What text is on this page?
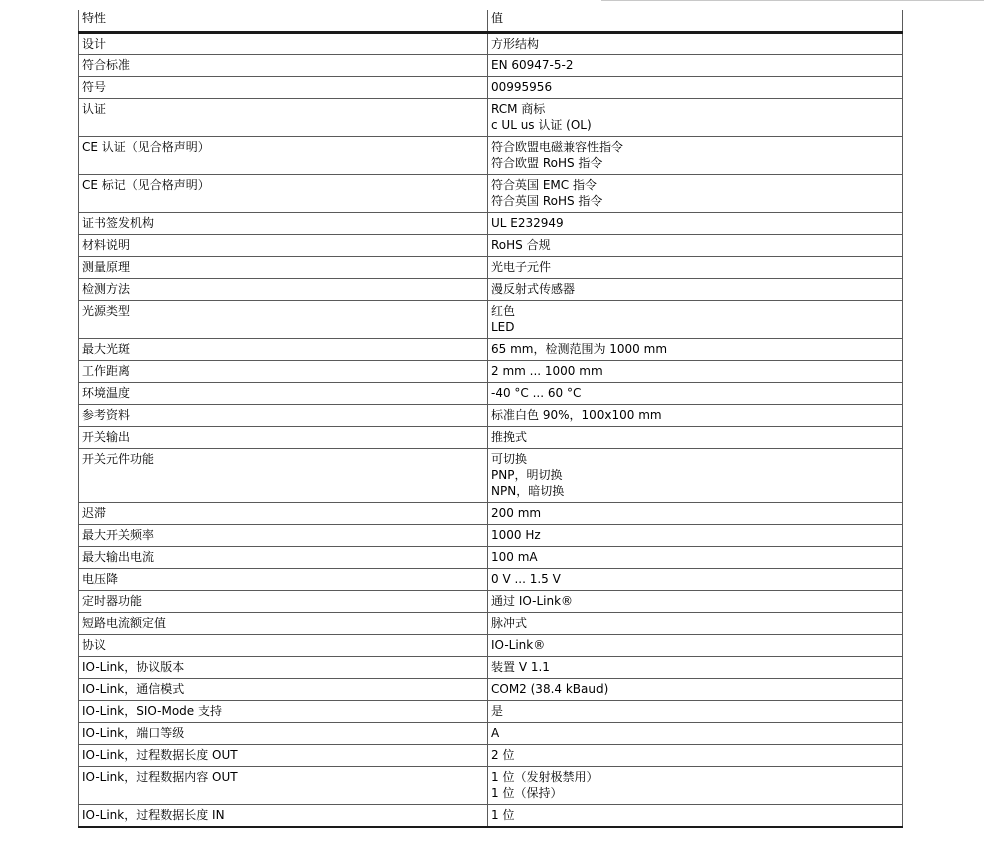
特性	值
设计	方形结构

符合标准	EN 60947-5-2

符号	00995956

认证	RCM 商标
c UL us 认证 (OL)

CE 认证（见合格声明）	符合欧盟电磁兼容性指令
符合欧盟 RoHS 指令

CE 标记（见合格声明）	符合英国 EMC 指令
符合英国 RoHS 指令

证书签发机构	UL E232949

材料说明	RoHS 合规

测量原理	光电子元件

检测方法	漫反射式传感器

光源类型	红色
LED

最大光斑	65 mm，检测范围为 1000 mm

工作距离	2 mm ... 1000 mm

环境温度	-40 °C ... 60 °C

参考资料	标准白色 90%，100x100 mm

开关输出	推挽式

开关元件功能	可切换
PNP，明切换
NPN，暗切换

迟滞	200 mm

最大开关频率	1000 Hz

最大输出电流	100 mA

电压降	0 V ... 1.5 V

定时器功能	通过 IO-Link®

短路电流额定值	脉冲式

协议	IO-Link®

IO-Link，协议版本	装置 V 1.1

IO-Link，通信模式	COM2 (38.4 kBaud)

IO-Link，SIO-Mode 支持	是

IO-Link，端口等级	A

IO-Link，过程数据长度 OUT	2 位

IO-Link，过程数据内容 OUT	1 位（发射极禁用）
1 位（保持）

IO-Link，过程数据长度 IN	1 位
